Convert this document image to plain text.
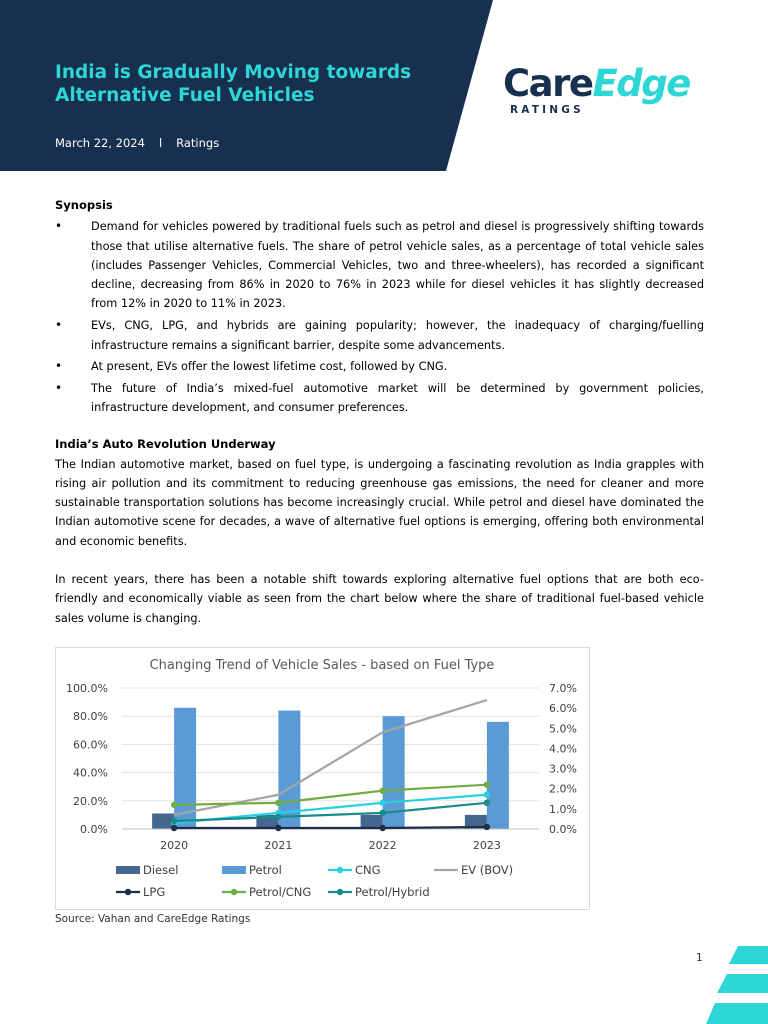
India is Gradually Moving towards
Alternative Fuel Vehicles
March 22, 2024 l Ratings
CareEdge
RATINGS

Synopsis

• Demand for vehicles powered by traditional fuels such as petrol and diesel is progressively shifting towards those that utilise alternative fuels. The share of petrol vehicle sales, as a percentage of total vehicle sales (includes Passenger Vehicles, Commercial Vehicles, two and three-wheelers), has recorded a significant decline, decreasing from 86% in 2020 to 76% in 2023 while for diesel vehicles it has slightly decreased from 12% in 2020 to 11% in 2023.
• EVs, CNG, LPG, and hybrids are gaining popularity; however, the inadequacy of charging/fuelling infrastructure remains a significant barrier, despite some advancements.
• At present, EVs offer the lowest lifetime cost, followed by CNG.
• The future of India’s mixed-fuel automotive market will be determined by government policies, infrastructure development, and consumer preferences.

India’s Auto Revolution Underway

The Indian automotive market, based on fuel type, is undergoing a fascinating revolution as India grapples with rising air pollution and its commitment to reducing greenhouse gas emissions, the need for cleaner and more sustainable transportation solutions has become increasingly crucial. While petrol and diesel have dominated the Indian automotive scene for decades, a wave of alternative fuel options is emerging, offering both environmental and economic benefits.

In recent years, there has been a notable shift towards exploring alternative fuel options that are both eco-friendly and economically viable as seen from the chart below where the share of traditional fuel-based vehicle sales volume is changing.

Changing Trend of Vehicle Sales - based on Fuel Type
0.0%
20.0%
40.0%
60.0%
80.0%
100.0%
0.0%
1.0%
2.0%
3.0%
4.0%
5.0%
6.0%
7.0%
2020	2021	2022	2023
Diesel	Petrol	CNG	EV (BOV)
LPG	Petrol/CNG	Petrol/Hybrid
Source: Vahan and CareEdge Ratings
1
